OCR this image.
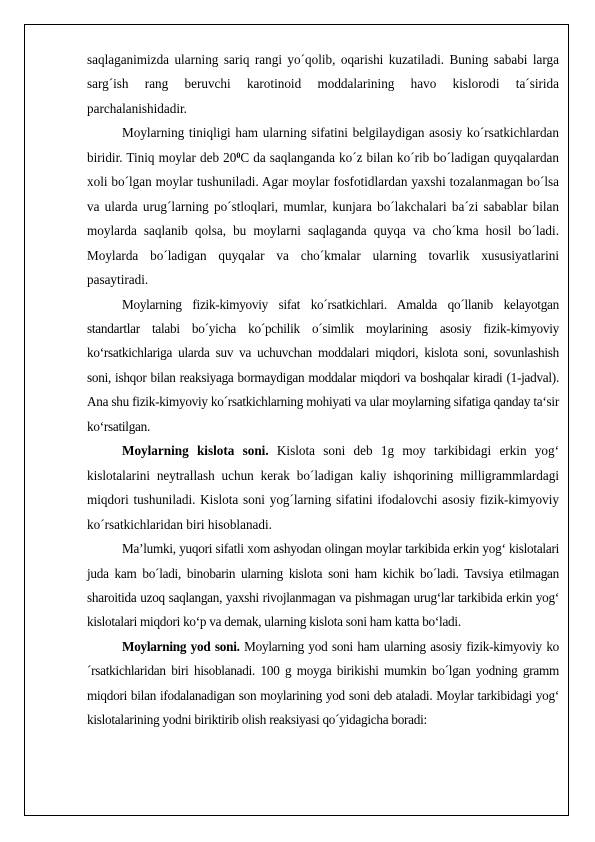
saqlaganimizda ularning sariq rangi yo´qolib, oqarishi kuzatiladi. Buning sababi larga sarg´ish rang beruvchi karotinoid moddalarining havo kislorodi ta´sirida parchalanishidadir.

Moylarning tiniqligi ham ularning sifatini belgilaydigan asosiy ko´rsatkichlardan biridir. Tiniq moylar deb $20^0C$ da saqlanganda ko´z bilan ko´rib bo´ladigan quyqalardan xoli bo´lgan moylar tushuniladi. Agar moylar fosfotidlardan yaxshi tozalanmagan bo´lsa va ularda urug´larning po´stloqlari, mumlar, kunjara bo´lakchalari ba´zi sabablar bilan moylarda saqlanib qolsa, bu moylarni saqlaganda quyqa va cho´kma hosil bo´ladi. Moylarda bo´ladigan quyqalar va cho´kmalar ularning tovarlik xususiyatlarini pasaytiradi.

Moylarning fizik-kimyoviy sifat ko´rsatkichlari. Amalda qo´llanib kelayotgan standartlar talabi bo´yicha ko´pchilik o´simlik moylarining asosiy fizik-kimyoviy ko‘rsatkichlariga ularda suv va uchuvchan moddalari miqdori, kislota soni, sovunlashish soni, ishqor bilan reaksiyaga bormaydigan moddalar miqdori va boshqalar kiradi (1-jadval). Ana shu fizik-kimyoviy ko´rsatkichlarning mohiyati va ular moylarning sifatiga qanday ta‘sir ko‘rsatilgan.

Moylarning kislota soni. Kislota soni deb 1g moy tarkibidagi erkin yog‘ kislotalarini neytrallash uchun kerak bo´ladigan kaliy ishqorining milligrammlardagi miqdori tushuniladi. Kislota soni yog´larning sifatini ifodalovchi asosiy fizik-kimyoviy ko´rsatkichlaridan biri hisoblanadi.

Ma’lumki, yuqori sifatli xom ashyodan olingan moylar tarkibida erkin yog‘ kislotalari juda kam bo´ladi, binobarin ularning kislota soni ham kichik bo´ladi. Tavsiya etilmagan sharoitida uzoq saqlangan, yaxshi rivojlanmagan va pishmagan urug‘lar tarkibida erkin yog‘ kislotalari miqdori ko‘p va demak, ularning kislota soni ham katta bo‘ladi.

Moylarning yod soni. Moylarning yod soni ham ularning asosiy fizik-kimyoviy ko´rsatkichlaridan biri hisoblanadi. 100 g moyga birikishi mumkin bo´lgan yodning gramm miqdori bilan ifodalanadigan son moylarining yod soni deb ataladi. Moylar tarkibidagi yog‘ kislotalarining yodni biriktirib olish reaksiyasi qo´yidagicha boradi:
